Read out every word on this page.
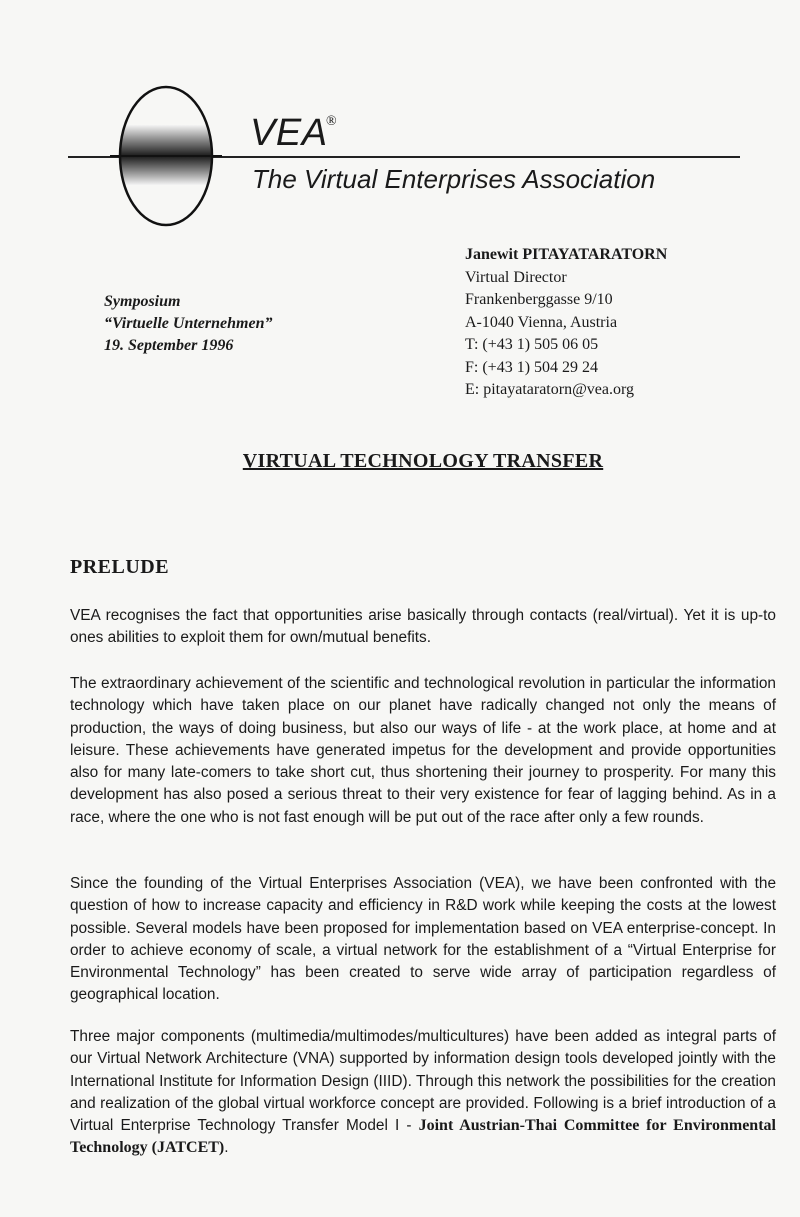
VEA
®
The Virtual Enterprises Association
Symposium
“Virtuelle Unternehmen”
19. September 1996
Janewit PITAYATARATORN
Virtual Director
Frankenberggasse 9/10
A-1040 Vienna, Austria
T: (+43 1) 505 06 05
F: (+43 1) 504 29 24
E: pitayataratorn@vea.org
VIRTUAL TECHNOLOGY TRANSFER
PRELUDE
VEA recognises the fact that opportunities arise basically through contacts (real/virtual). Yet it is up-to ones abilities to exploit them for own/mutual benefits.
The extraordinary achievement of the scientific and technological revolution in particular the information technology which have taken place on our planet have radically changed not only the means of production, the ways of doing business, but also our ways of life - at the work place, at home and at leisure. These achievements have generated impetus for the development and provide opportunities also for many late-comers to take short cut, thus shortening their journey to prosperity. For many this development has also posed a serious threat to their very existence for fear of lagging behind. As in a race, where the one who is not fast enough will be put out of the race after only a few rounds.
Since the founding of the Virtual Enterprises Association (VEA), we have been confronted with the question of how to increase capacity and efficiency in R&D work while keeping the costs at the lowest possible. Several models have been proposed for implementation based on VEA enterprise-concept. In order to achieve economy of scale, a virtual network for the establishment of a “Virtual Enterprise for Environmental Technology” has been created to serve wide array of participation regardless of geographical location.
Three major components (multimedia/multimodes/multicultures) have been added as integral parts of our Virtual Network Architecture (VNA) supported by information design tools developed jointly with the International Institute for Information Design (IIID). Through this network the possibilities for the creation and realization of the global virtual workforce concept are provided. Following is a brief introduction of a Virtual Enterprise Technology Transfer Model I - Joint Austrian-Thai Committee for Environmental Technology (JATCET).
